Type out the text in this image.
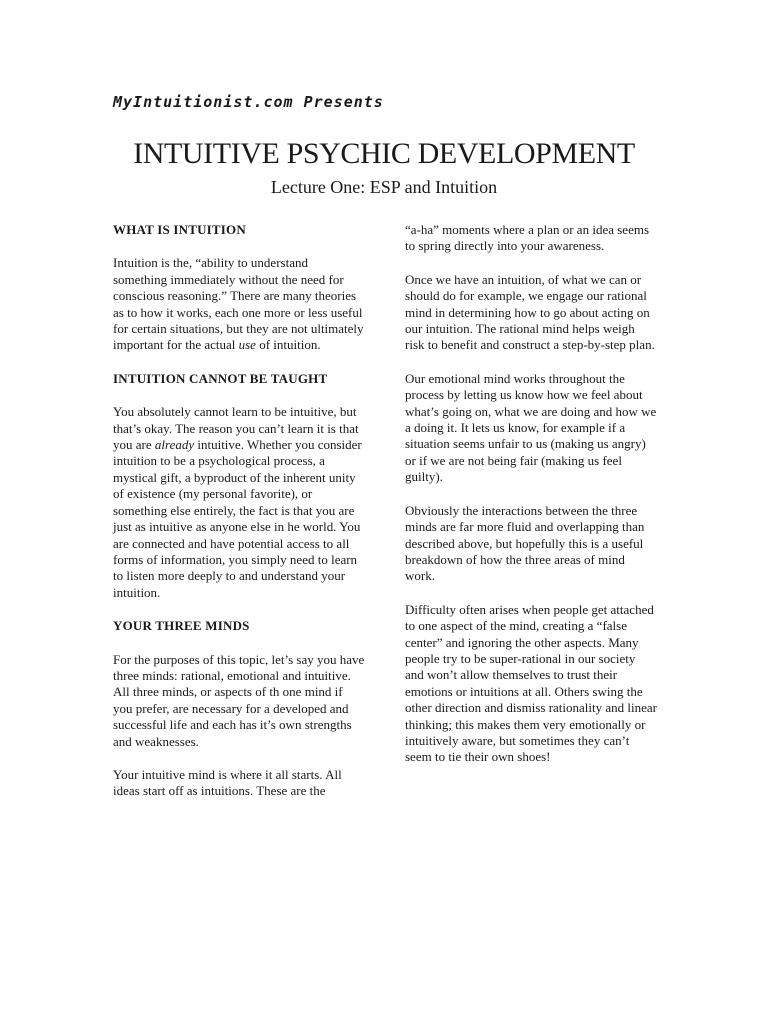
MyIntuitionist.com Presents
INTUITIVE PSYCHIC DEVELOPMENT
Lecture One: ESP and Intuition
WHAT IS INTUITION

Intuition is the, “ability to understand something immediately without the need for conscious reasoning.” There are many theories as to how it works, each one more or less useful for certain situations, but they are not ultimately important for the actual use of intuition.

INTUITION CANNOT BE TAUGHT

You absolutely cannot learn to be intuitive, but that’s okay. The reason you can’t learn it is that you are already intuitive. Whether you consider intuition to be a psychological process, a mystical gift, a byproduct of the inherent unity of existence (my personal favorite), or something else entirely, the fact is that you are just as intuitive as anyone else in he world. You are connected and have potential access to all forms of information, you simply need to learn to listen more deeply to and understand your intuition.

YOUR THREE MINDS

For the purposes of this topic, let’s say you have three minds: rational, emotional and intuitive. All three minds, or aspects of th one mind if you prefer, are necessary for a developed and successful life and each has it’s own strengths and weaknesses.

Your intuitive mind is where it all starts. All ideas start off as intuitions. These are the

“a-ha” moments where a plan or an idea seems to spring directly into your awareness.

Once we have an intuition, of what we can or should do for example, we engage our rational mind in determining how to go about acting on our intuition. The rational mind helps weigh risk to benefit and construct a step-by-step plan.

Our emotional mind works throughout the process by letting us know how we feel about what’s going on, what we are doing and how we a doing it. It lets us know, for example if a situation seems unfair to us (making us angry) or if we are not being fair (making us feel guilty).

Obviously the interactions between the three minds are far more fluid and overlapping than described above, but hopefully this is a useful breakdown of how the three areas of mind work.

Difficulty often arises when people get attached to one aspect of the mind, creating a “false center” and ignoring the other aspects. Many people try to be super-rational in our society and won’t allow themselves to trust their emotions or intuitions at all. Others swing the other direction and dismiss rationality and linear thinking; this makes them very emotionally or intuitively aware, but sometimes they can’t seem to tie their own shoes!
